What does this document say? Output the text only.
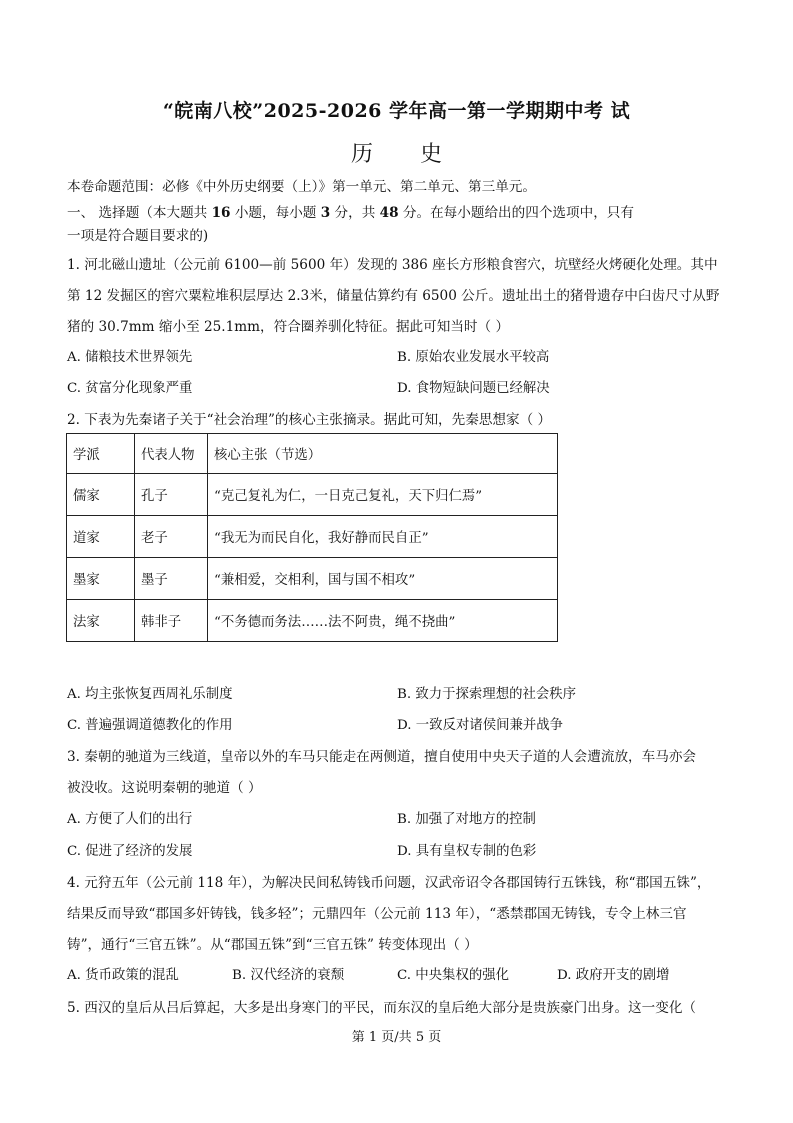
“皖南八校”2025-2026 学年高一第一学期期中考 试
历 史
本卷命题范围：必修《中外历史纲要（上）》第一单元、第二单元、第三单元。
一、 选择题（本大题共 16 小题，每小题 3 分，共 48 分。在每小题给出的四个选项中，只有
一项是符合题目要求的)
1. 河北磁山遗址（公元前 6100—前 5600 年）发现的 386 座长方形粮食窖穴，坑壁经火烤硬化处理。其中
第 12 发掘区的窖穴粟粒堆积层厚达 2.3米，储量估算约有 6500 公斤。遗址出土的猪骨遗存中臼齿尺寸从野
猪的 30.7mm 缩小至 25.1mm，符合圈养驯化特征。据此可知当时（ ）
A. 储粮技术世界领先	B. 原始农业发展水平较高
C. 贫富分化现象严重	D. 食物短缺问题已经解决
2. 下表为先秦诸子关于“社会治理”的核心主张摘录。据此可知，先秦思想家（ ）
学派	代表人物	核心主张（节选）
儒家	孔子	“克己复礼为仁，一日克己复礼，天下归仁焉”
道家	老子	“我无为而民自化，我好静而民自正”
墨家	墨子	“兼相爱，交相利，国与国不相攻”
法家	韩非子	“不务德而务法……法不阿贵，绳不挠曲”
A. 均主张恢复西周礼乐制度	B. 致力于探索理想的社会秩序
C. 普遍强调道德教化的作用	D. 一致反对诸侯间兼并战争
3. 秦朝的驰道为三线道，皇帝以外的车马只能走在两侧道，擅自使用中央天子道的人会遭流放，车马亦会
被没收。这说明秦朝的驰道（ ）
A. 方便了人们的出行	B. 加强了对地方的控制
C. 促进了经济的发展	D. 具有皇权专制的色彩
4. 元狩五年（公元前 118 年），为解决民间私铸钱币问题，汉武帝诏令各郡国铸行五铢钱，称“郡国五铢”，
结果反而导致“郡国多奸铸钱，钱多轻”；元鼎四年（公元前 113 年），“悉禁郡国无铸钱，专令上林三官
铸”，通行“三官五铢”。从“郡国五铢”到“三官五铢” 转变体现出（ ）
A. 货币政策的混乱	B. 汉代经济的衰颓	C. 中央集权的强化	D. 政府开支的剧增
5. 西汉的皇后从吕后算起，大多是出身寒门的平民，而东汉的皇后绝大部分是贵族豪门出身。这一变化（
第 1 页/共 5 页
